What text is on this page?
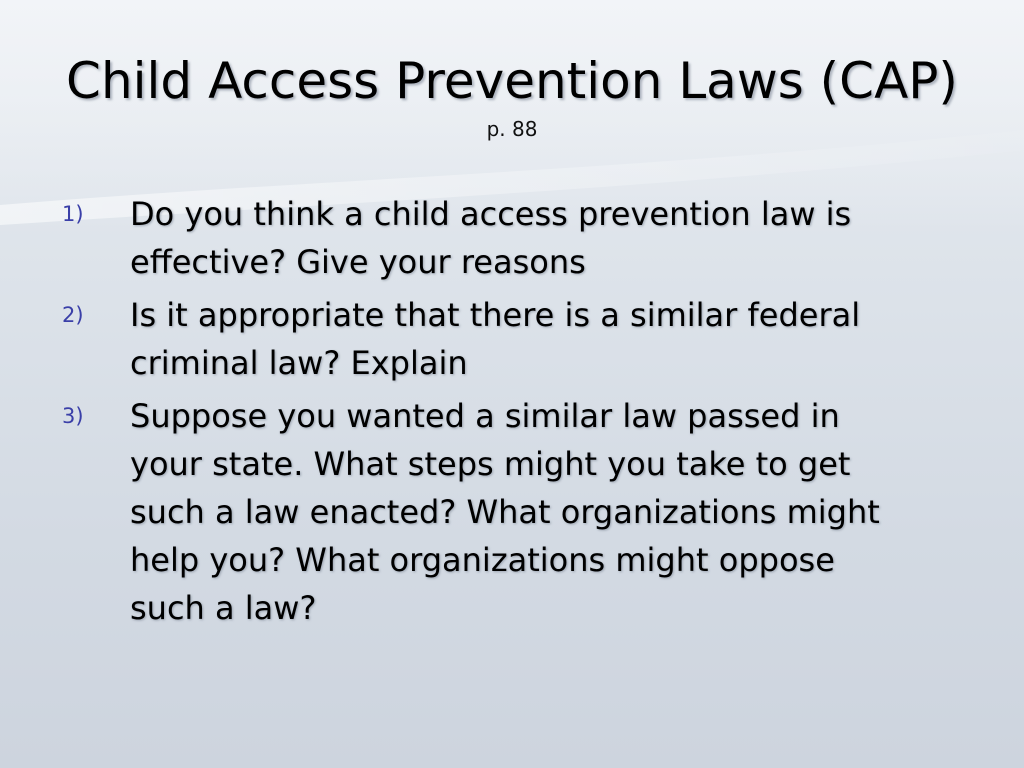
Child Access Prevention Laws (CAP)
p. 88
1) Do you think a child access prevention law is
effective? Give your reasons
2) Is it appropriate that there is a similar federal
criminal law? Explain
3) Suppose you wanted a similar law passed in
your state. What steps might you take to get
such a law enacted? What organizations might
help you? What organizations might oppose
such a law?
